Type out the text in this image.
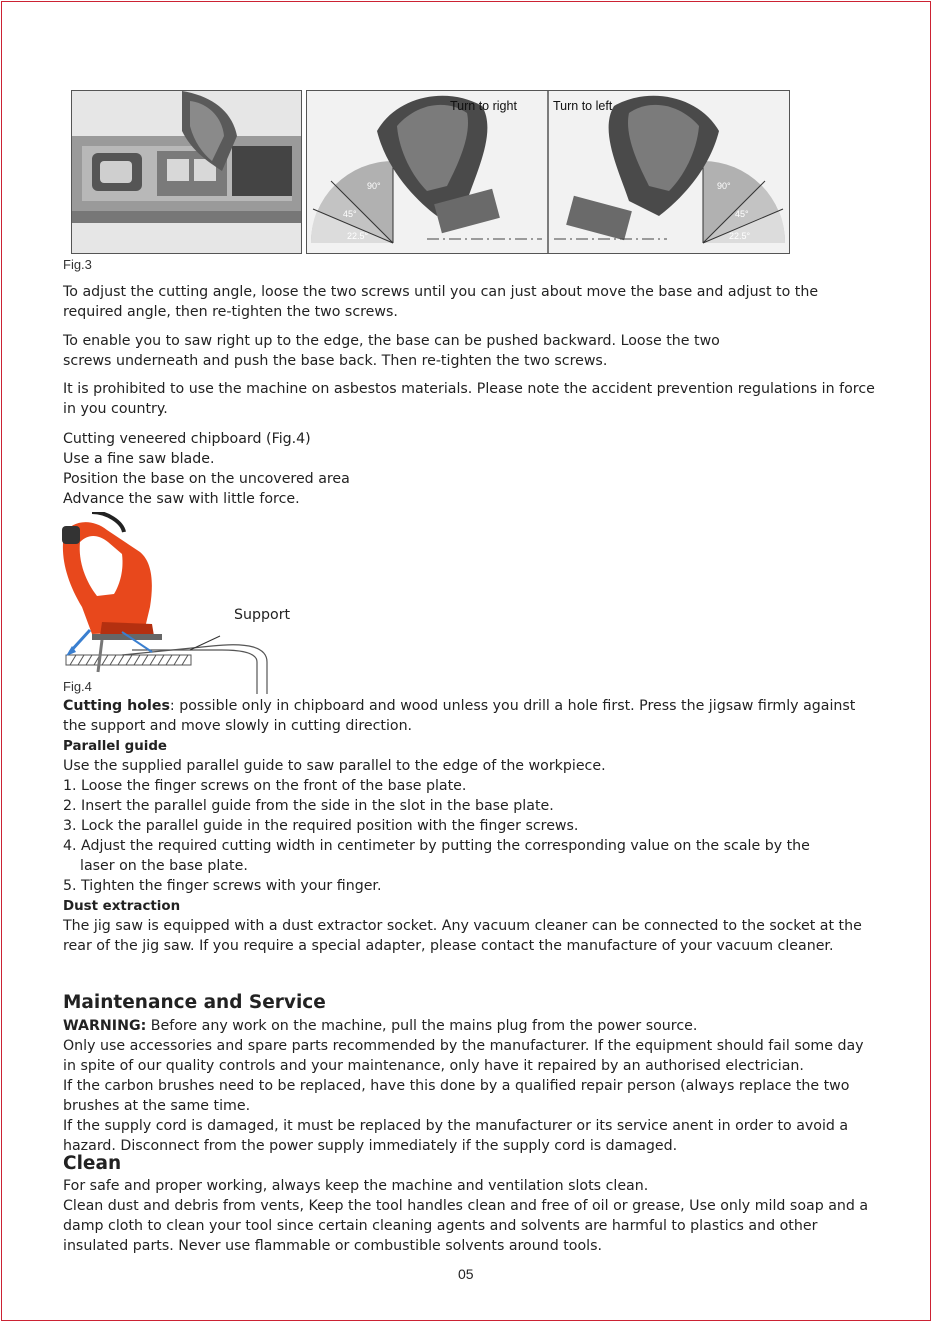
Turn to right	Turn to left
90°
45°
22.5°
90°
45°
22.5°
Fig.3
To adjust the cutting angle, loose the two screws until you can just about move the base and adjust to the required angle, then re-tighten the two screws.
To enable you to saw right up to the edge, the base can be pushed backward. Loose the two
screws underneath and push the base back. Then re-tighten the two screws.
It is prohibited to use the machine on asbestos materials. Please note the accident prevention regulations in force in you country.
Cutting veneered chipboard (Fig.4)
Use a fine saw blade.
Position the base on the uncovered area
Advance the saw with little force.
Support
Fig.4
Cutting holes: possible only in chipboard and wood unless you drill a hole first. Press the jigsaw firmly against the support and move slowly in cutting direction.
Parallel guide
Use the supplied parallel guide to saw parallel to the edge of the workpiece.
1. Loose the finger screws on the front of the base plate.
2. Insert the parallel guide from the side in the slot in the base plate.
3. Lock the parallel guide in the required position with the finger screws.
4. Adjust the required cutting width in centimeter by putting the corresponding value on the scale by the
laser on the base plate.
5. Tighten the finger screws with your finger.
Dust extraction
The jig saw is equipped with a dust extractor socket. Any vacuum cleaner can be connected to the socket at the rear of the jig saw. If you require a special adapter, please contact the manufacture of your vacuum cleaner.
Maintenance and Service
WARNING: Before any work on the machine, pull the mains plug from the power source.
Only use accessories and spare parts recommended by the manufacturer. If the equipment should fail some day in spite of our quality controls and your maintenance, only have it repaired by an authorised electrician.
If the carbon brushes need to be replaced, have this done by a qualified repair person (always replace the two brushes at the same time.
If the supply cord is damaged, it must be replaced by the manufacturer or its service anent in order to avoid a hazard. Disconnect from the power supply immediately if the supply cord is damaged.
Clean
For safe and proper working, always keep the machine and ventilation slots clean.
Clean dust and debris from vents, Keep the tool handles clean and free of oil or grease, Use only mild soap and a damp cloth to clean your tool since certain cleaning agents and solvents are harmful to plastics and other insulated parts. Never use flammable or combustible solvents around tools.
05
